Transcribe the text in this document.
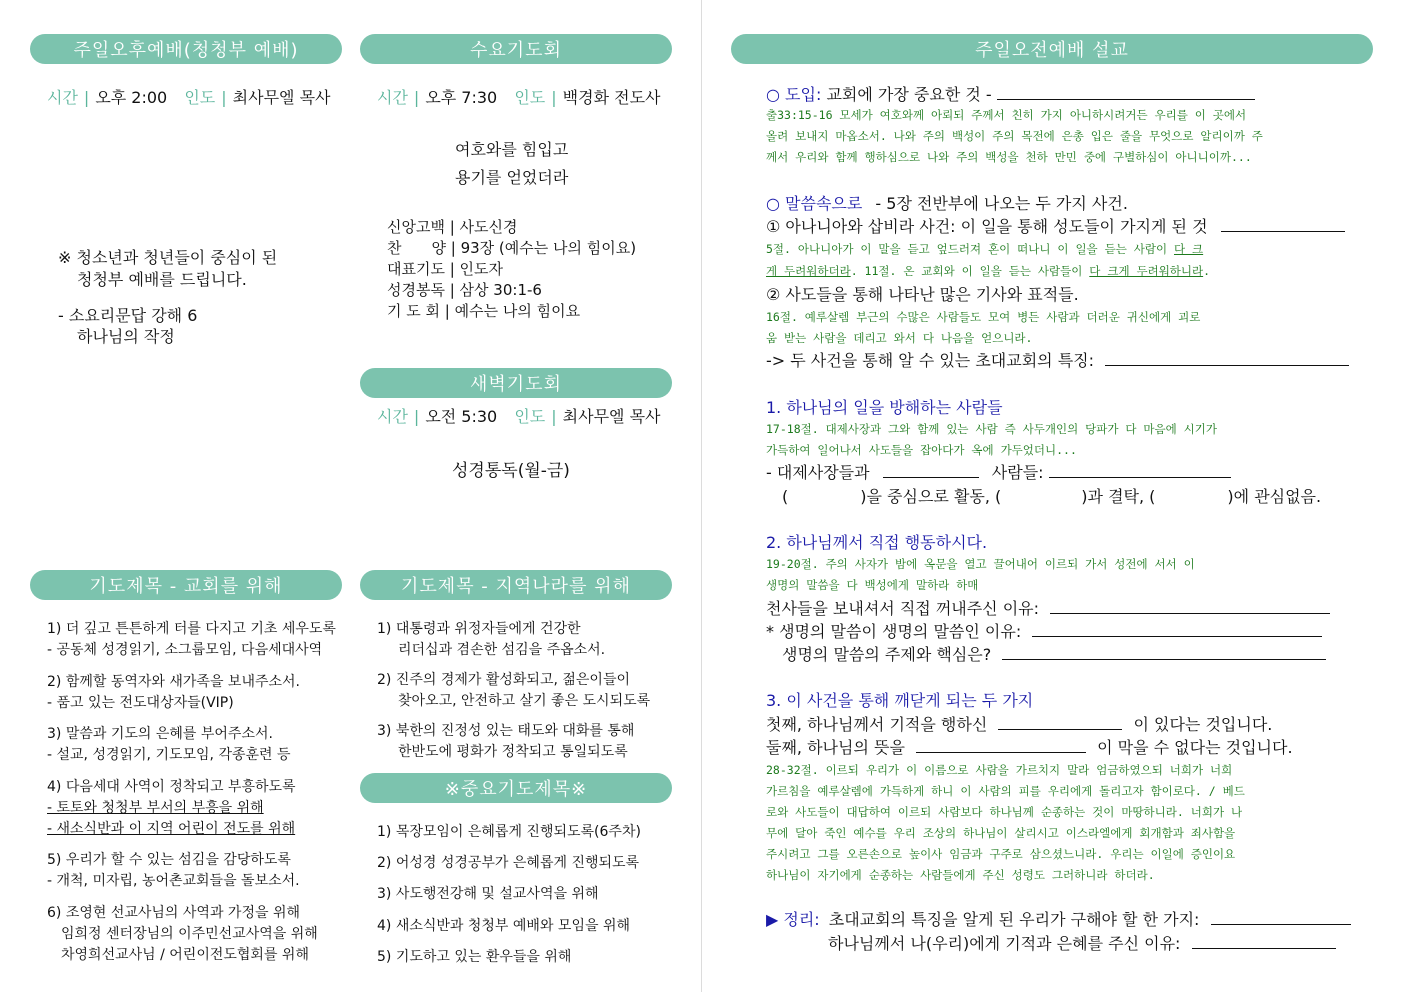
주일오후예배(청청부 예배)
시간 | 오후 2:00 인도 | 최사무엘 목사
※ 청소년과 청년들이 중심이 된
청청부 예배를 드립니다.
- 소요리문답 강해 6
하나님의 작정
수요기도회
시간 | 오후 7:30 인도 | 백경화 전도사
여호와를 힘입고
용기를 얻었더라
신앙고백 | 사도신경
찬　　양 | 93장 (예수는 나의 힘이요)
대표기도 | 인도자
성경봉독 | 삼상 30:1-6
기 도 회 | 예수는 나의 힘이요
새벽기도회
시간 | 오전 5:30 인도 | 최사무엘 목사
성경통독(월-금)
기도제목 - 교회를 위해
1) 더 깊고 튼튼하게 터를 다지고 기초 세우도록
- 공동체 성경읽기, 소그룹모임, 다음세대사역
2) 함께할 동역자와 새가족을 보내주소서.
- 품고 있는 전도대상자들(VIP)
3) 말씀과 기도의 은혜를 부어주소서.
- 설교, 성경읽기, 기도모임, 각종훈련 등
4) 다음세대 사역이 정착되고 부흥하도록
- 토토와 청청부 부서의 부흥을 위해
- 새소식반과 이 지역 어린이 전도를 위해
5) 우리가 할 수 있는 섬김을 감당하도록
- 개척, 미자립, 농어촌교회들을 돌보소서.
6) 조영현 선교사님의 사역과 가정을 위해
임희정 센터장님의 이주민선교사역을 위해
차영희선교사님 / 어린이전도협회를 위해
기도제목 - 지역나라를 위해
1) 대통령과 위정자들에게 건강한
리더십과 겸손한 섬김을 주옵소서.
2) 진주의 경제가 활성화되고, 젊은이들이
찾아오고, 안전하고 살기 좋은 도시되도록
3) 북한의 진정성 있는 태도와 대화를 통해
한반도에 평화가 정착되고 통일되도록
※중요기도제목※
1) 목장모임이 은혜롭게 진행되도록(6주차)
2) 어성경 성경공부가 은혜롭게 진행되도록
3) 사도행전강해 및 설교사역을 위해
4) 새소식반과 청청부 예배와 모임을 위해
5) 기도하고 있는 환우들을 위해
주일오전예배 설교
○ 도입: 교회에 가장 중요한 것 -
출33:15-16 모세가 여호와께 아뢰되 주께서 친히 가지 아니하시려거든 우리를 이 곳에서
올려 보내지 마옵소서. 나와 주의 백성이 주의 목전에 은총 입은 줄을 무엇으로 알리이까 주
께서 우리와 함께 행하심으로 나와 주의 백성을 천하 만민 중에 구별하심이 아니니이까...
○ 말씀속으로 - 5장 전반부에 나오는 두 가지 사건.
① 아나니아와 삽비라 사건: 이 일을 통해 성도들이 가지게 된 것
5절. 아나니아가 이 말을 듣고 엎드러져 혼이 떠나니 이 일을 듣는 사람이 다 크
게 두려워하더라. 11절. 온 교회와 이 일을 듣는 사람들이 다 크게 두려워하니라.
② 사도들을 통해 나타난 많은 기사와 표적들.
16절. 예루살렘 부근의 수많은 사람들도 모여 병든 사람과 더러운 귀신에게 괴로
움 받는 사람을 데리고 와서 다 나음을 얻으니라.
-> 두 사건을 통해 알 수 있는 초대교회의 특징:
1. 하나님의 일을 방해하는 사람들
17-18절. 대제사장과 그와 함께 있는 사람 즉 사두개인의 당파가 다 마음에 시기가
가득하여 일어나서 사도들을 잡아다가 옥에 가두었더니...
- 대제사장들과	사람들:
(	)을 중심으로 활동, (	)과 결탁, (	)에 관심없음.
2. 하나님께서 직접 행동하시다.
19-20절. 주의 사자가 밤에 옥문을 열고 끌어내어 이르되 가서 성전에 서서 이
생명의 말씀을 다 백성에게 말하라 하매
천사들을 보내셔서 직접 꺼내주신 이유:
* 생명의 말씀이 생명의 말씀인 이유:
생명의 말씀의 주제와 핵심은?
3. 이 사건을 통해 깨닫게 되는 두 가지
첫째, 하나님께서 기적을 행하신	이 있다는 것입니다.
둘째, 하나님의 뜻을	이 막을 수 없다는 것입니다.
28-32절. 이르되 우리가 이 이름으로 사람을 가르치지 말라 엄금하였으되 너희가 너희
가르침을 예루살렘에 가득하게 하니 이 사람의 피를 우리에게 돌리고자 함이로다. / 베드
로와 사도들이 대답하여 이르되 사람보다 하나님께 순종하는 것이 마땅하니라. 너희가 나
무에 달아 죽인 예수를 우리 조상의 하나님이 살리시고 이스라엘에게 회개함과 죄사함을
주시려고 그를 오른손으로 높이사 임금과 구주로 삼으셨느니라. 우리는 이일에 증인이요
하나님이 자기에게 순종하는 사람들에게 주신 성령도 그러하니라 하더라.
▶ 정리: 초대교회의 특징을 알게 된 우리가 구해야 할 한 가지:
하나님께서 나(우리)에게 기적과 은혜를 주신 이유:
